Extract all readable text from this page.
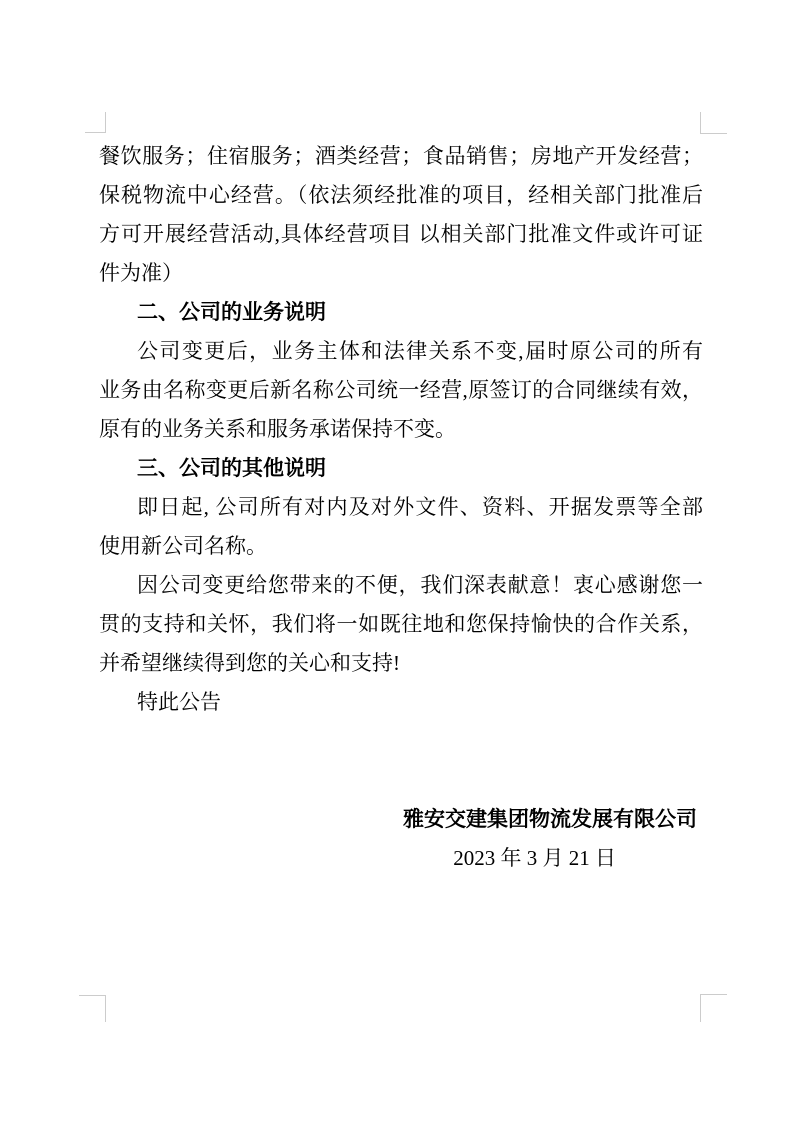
餐饮服务；住宿服务；酒类经营；食品销售；房地产开发经营；
保税物流中心经营。（依法须经批准的项目，经相关部门批准后
方可开展经营活动,具体经营项目 以相关部门批准文件或许可证
件为准）
二、公司的业务说明
公司变更后，业务主体和法律关系不变,届时原公司的所有
业务由名称变更后新名称公司统一经营,原签订的合同继续有效，
原有的业务关系和服务承诺保持不变。
三、公司的其他说明
即日起, 公司所有对内及对外文件、资料、开据发票等全部
使用新公司名称。
因公司变更给您带来的不便，我们深表献意！衷心感谢您一
贯的支持和关怀，我们将一如既往地和您保持愉快的合作关系，
并希望继续得到您的关心和支持!
特此公告
雅安交建集团物流发展有限公司
2023 年 3 月 21 日
